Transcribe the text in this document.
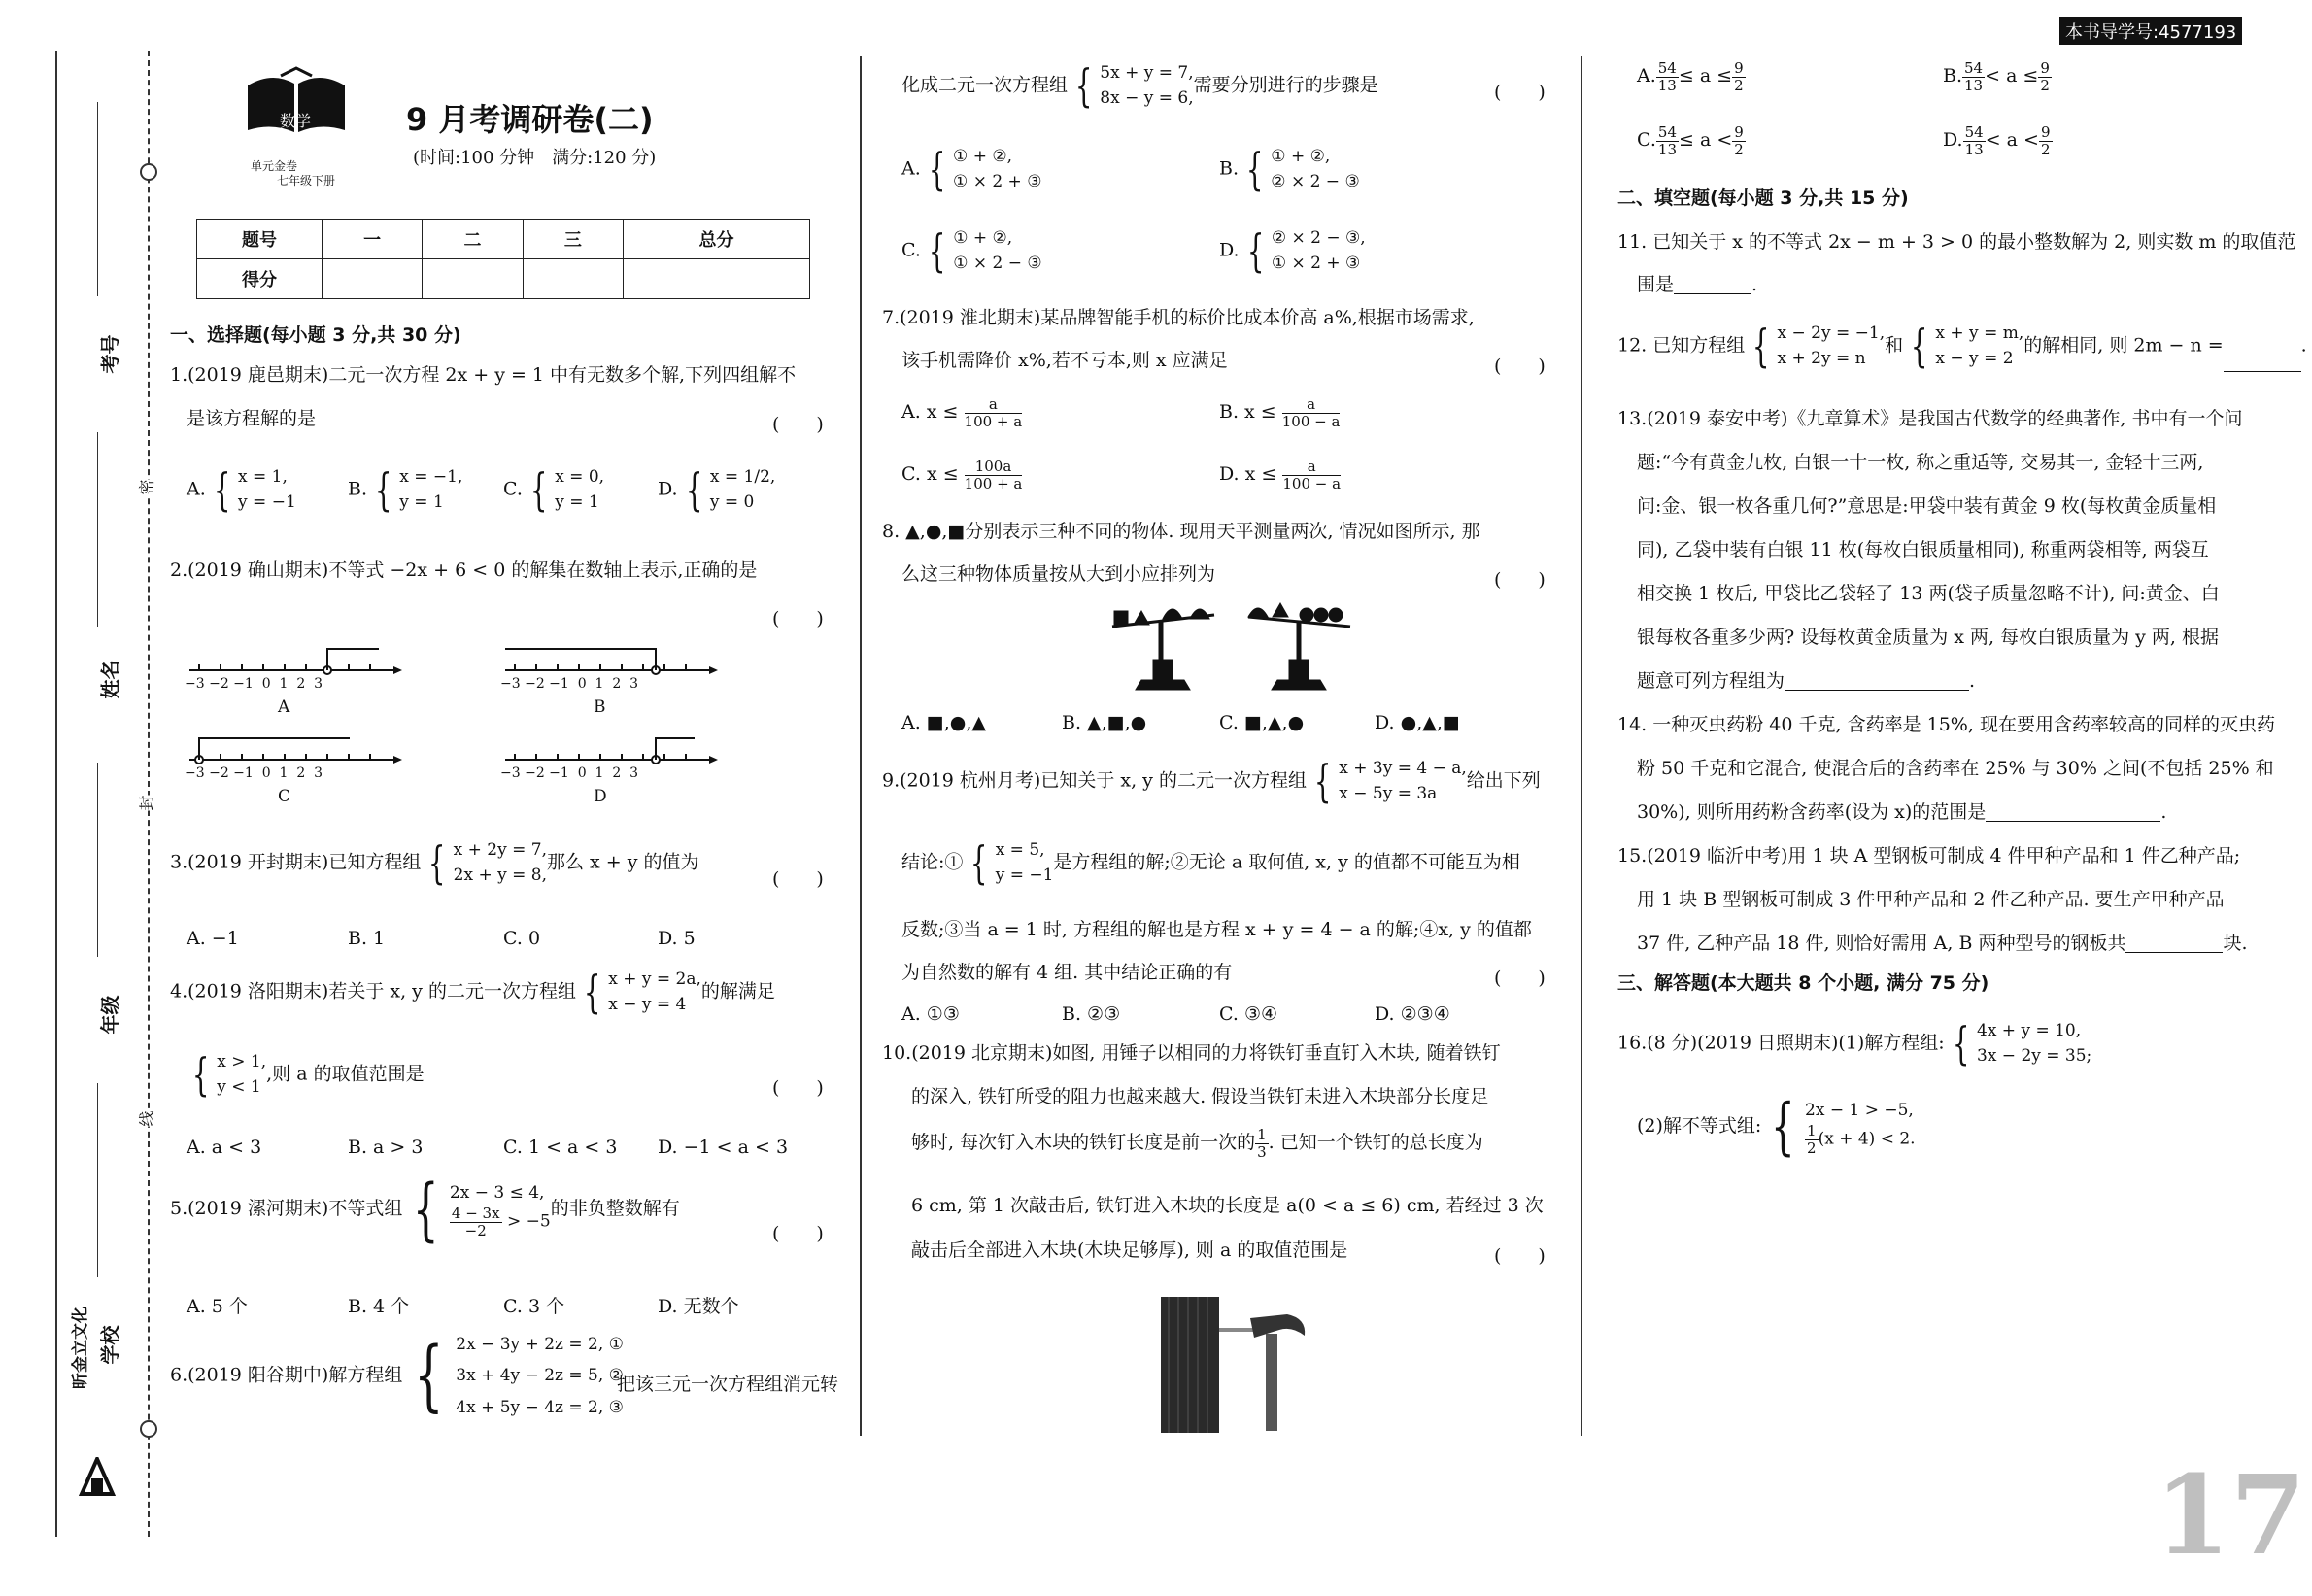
考号
姓名
年级
学校
密
封
线
昕金立文化
本书导学号:4577193
17
数学
单元金卷
七年级下册
9 月考调研卷(二)
(时间:100 分钟　满分:120 分)
题号	一	二	三	总分
得分				
一、选择题(每小题 3 分,共 30 分)
1.(2019 鹿邑期末)二元一次方程 2x + y = 1 中有无数多个解,下列四组解不
是该方程解的是	(　　)
A. { x = 1,
y = −1
B. { x = −1,
y = 1
C. { x = 0,
y = 1
D. { x = 1/2,
y = 0
2.(2019 确山期末)不等式 −2x + 6 < 0 的解集在数轴上表示,正确的是
(　　)
−3 −2 −1  0  1  2  3
A
−3 −2 −1  0  1  2  3
B
−3 −2 −1  0  1  2  3
C
−3 −2 −1  0  1  2  3
D
3.(2019 开封期末)已知方程组 { x + 2y = 7,
2x + y = 8,那么 x + y 的值为
(　　)
A. −1	B. 1	C. 0	D. 5
4.(2019 洛阳期末)若关于 x, y 的二元一次方程组 { x + y = 2a,
x − y = 4的解满足
{ x > 1,
y < 1,则 a 的取值范围是
(　　)
A. a < 3	B. a > 3	C. 1 < a < 3 D. −1 < a < 3
5.(2019 漯河期末)不等式组 { 2x − 3 ≤ 4,

$\frac{4 - 3x}{-2} > -5$的非负整数解有
(　　)
A. 5 个	B. 4 个	C. 3 个	D. 无数个
6.(2019 阳谷期中)解方程组 { 2x − 3y + 2z = 2, ①
3x + 4y − 2z = 5, ②
4x + 5y − 4z = 2, ③
把该三元一次方程组消元转
化成二元一次方程组 { 5x + y = 7,
8x − y = 6,需要分别进行的步骤是	(　　)
A. { ① + ②,
① × 2 + ③
B. { ① + ②,
② × 2 − ③
C. { ① + ②,
① × 2 − ③
D. { ② × 2 − ③,
① × 2 + ③
7.(2019 淮北期末)某品牌智能手机的标价比成本价高 a%,根据市场需求,
该手机需降价 x%,若不亏本,则 x 应满足	(　　)
A. $x \le \frac{a}{100 + a}$	B. $x \le \frac{a}{100 - a}$
C. $x \le \frac{100a}{100 + a}$	D. $x \le \frac{a}{100 - a}$
8. ▲,●,■分别表示三种不同的物体. 现用天平测量两次, 情况如图所示, 那
么这三种物体质量按从大到小应排列为	(　　)
A. ■,●,▲	B. ▲,■,●	C. ■,▲,●	D. ●,▲,■
9.(2019 杭州月考)已知关于 x, y 的二元一次方程组 { x + 3y = 4 − a,
x − 5y = 3a给出下列
结论:① { x = 5,
y = −1是方程组的解;②无论 a 取何值, x, y 的值都不可能互为相
反数;③当 a = 1 时, 方程组的解也是方程 x + y = 4 − a 的解;④x, y 的值都
为自然数的解有 4 组. 其中结论正确的有	(　　)
A. ①③	B. ②③	C. ③④	D. ②③④
10.(2019 北京期末)如图, 用锤子以相同的力将铁钉垂直钉入木块, 随着铁钉
的深入, 铁钉所受的阻力也越来越大. 假设当铁钉未进入木块部分长度足
够时, 每次钉入木块的铁钉长度是前一次的 $\frac{1}{3}$ . 已知一个铁钉的总长度为
6 cm, 第 1 次敲击后, 铁钉进入木块的长度是 a(0 < a ≤ 6) cm, 若经过 3 次
敲击后全部进入木块(木块足够厚), 则 a 的取值范围是	(　　)
A. $\frac{54}{13} \le a \le \frac{9}{2}$	B. $\frac{54}{13} < a \le \frac{9}{2}$
C. $\frac{54}{13} \le a < \frac{9}{2}$	D. $\frac{54}{13} < a < \frac{9}{2}$
二、填空题(每小题 3 分,共 15 分)
11. 已知关于 x 的不等式 2x − m + 3 > 0 的最小整数解为 2, 则实数 m 的取值范
围是	.
12. 已知方程组 { x − 2y = −1,
x + 2y = n和 { x + y = m,
x − y = 2的解相同, 则 2m − n =	.
13.(2019 泰安中考)《九章算术》是我国古代数学的经典著作, 书中有一个问
题:“今有黄金九枚, 白银一十一枚, 称之重适等, 交易其一, 金轻十三两,
问:金、银一枚各重几何?”意思是:甲袋中装有黄金 9 枚(每枚黄金质量相
同), 乙袋中装有白银 11 枚(每枚白银质量相同), 称重两袋相等, 两袋互
相交换 1 枚后, 甲袋比乙袋轻了 13 两(袋子质量忽略不计), 问:黄金、白
银每枚各重多少两? 设每枚黄金质量为 x 两, 每枚白银质量为 y 两, 根据
题意可列方程组为	.
14. 一种灭虫药粉 40 千克, 含药率是 15%, 现在要用含药率较高的同样的灭虫药
粉 50 千克和它混合, 使混合后的含药率在 25% 与 30% 之间(不包括 25% 和
30%), 则所用药粉含药率(设为 x)的范围是	.
15.(2019 临沂中考)用 1 块 A 型钢板可制成 4 件甲种产品和 1 件乙种产品;
用 1 块 B 型钢板可制成 3 件甲种产品和 2 件乙种产品. 要生产甲种产品
37 件, 乙种产品 18 件, 则恰好需用 A, B 两种型号的钢板共	块.
三、解答题(本大题共 8 个小题, 满分 75 分)
16.(8 分)(2019 日照期末)(1)解方程组: { 4x + y = 10,
3x − 2y = 35;
(2)解不等式组: { 2x − 1 > −5,

$\frac{1}{2} (x + 4) < 2$.
